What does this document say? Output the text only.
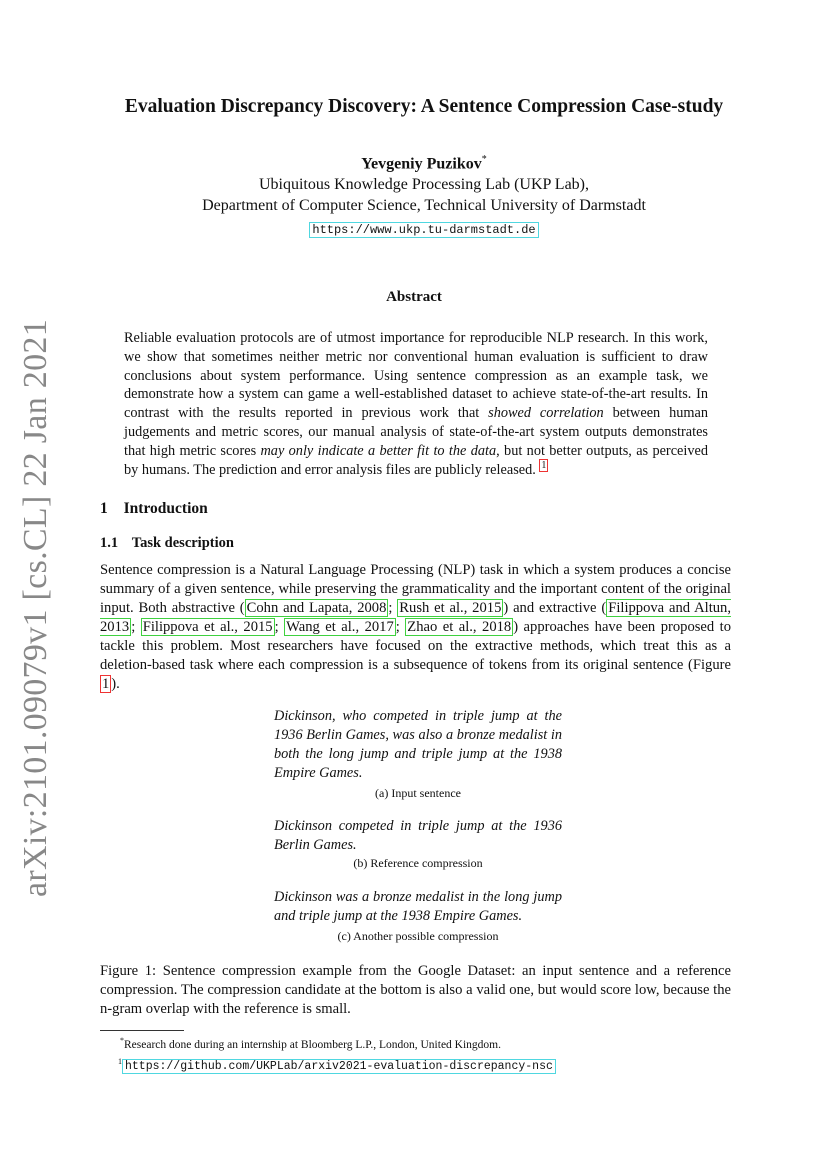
arXiv:2101.09079v1 [cs.CL] 22 Jan 2021
Evaluation Discrepancy Discovery: A Sentence Compression Case-study
Yevgeniy Puzikov*
Ubiquitous Knowledge Processing Lab (UKP Lab),
Department of Computer Science, Technical University of Darmstadt
https://www.ukp.tu-darmstadt.de
Abstract
Reliable evaluation protocols are of utmost importance for reproducible NLP research. In this work, we show that sometimes neither metric nor conventional human evaluation is sufficient to draw conclusions about system performance. Using sentence compression as an example task, we demonstrate how a system can game a well-established dataset to achieve state-of-the-art results. In contrast with the results reported in previous work that showed correlation between human judgements and metric scores, our manual analysis of state-of-the-art system outputs demonstrates that high metric scores may only indicate a better fit to the data, but not better outputs, as perceived by humans. The prediction and error analysis files are publicly released. $^1$
1 Introduction
1.1 Task description
Sentence compression is a Natural Language Processing (NLP) task in which a system produces a concise summary of a given sentence, while preserving the grammaticality and the important content of the original input. Both abstractive ( Cohn and Lapata, 2008 ; Rush et al., 2015 ) and extractive ( Filippova and Altun, 2013 ; Filippova et al., 2015 ; Wang et al., 2017 ; Zhao et al., 2018 ) approaches have been proposed to tackle this problem. Most researchers have focused on the extractive methods, which treat this as a deletion-based task where each compression is a subsequence of tokens from its original sentence (Figure 1 ).
Dickinson, who competed in triple jump at the 1936 Berlin Games, was also a bronze medalist in both the long jump and triple jump at the 1938 Empire Games.
(a) Input sentence
Dickinson competed in triple jump at the 1936 Berlin Games.
(b) Reference compression
Dickinson was a bronze medalist in the long jump and triple jump at the 1938 Empire Games.
(c) Another possible compression
Figure 1: Sentence compression example from the Google Dataset: an input sentence and a reference compression. The compression candidate at the bottom is also a valid one, but would score low, because the n-gram overlap with the reference is small.
*Research done during an internship at Bloomberg L.P., London, United Kingdom.
$^1$ https://github.com/UKPLab/arxiv2021-evaluation-discrepancy-nsc
